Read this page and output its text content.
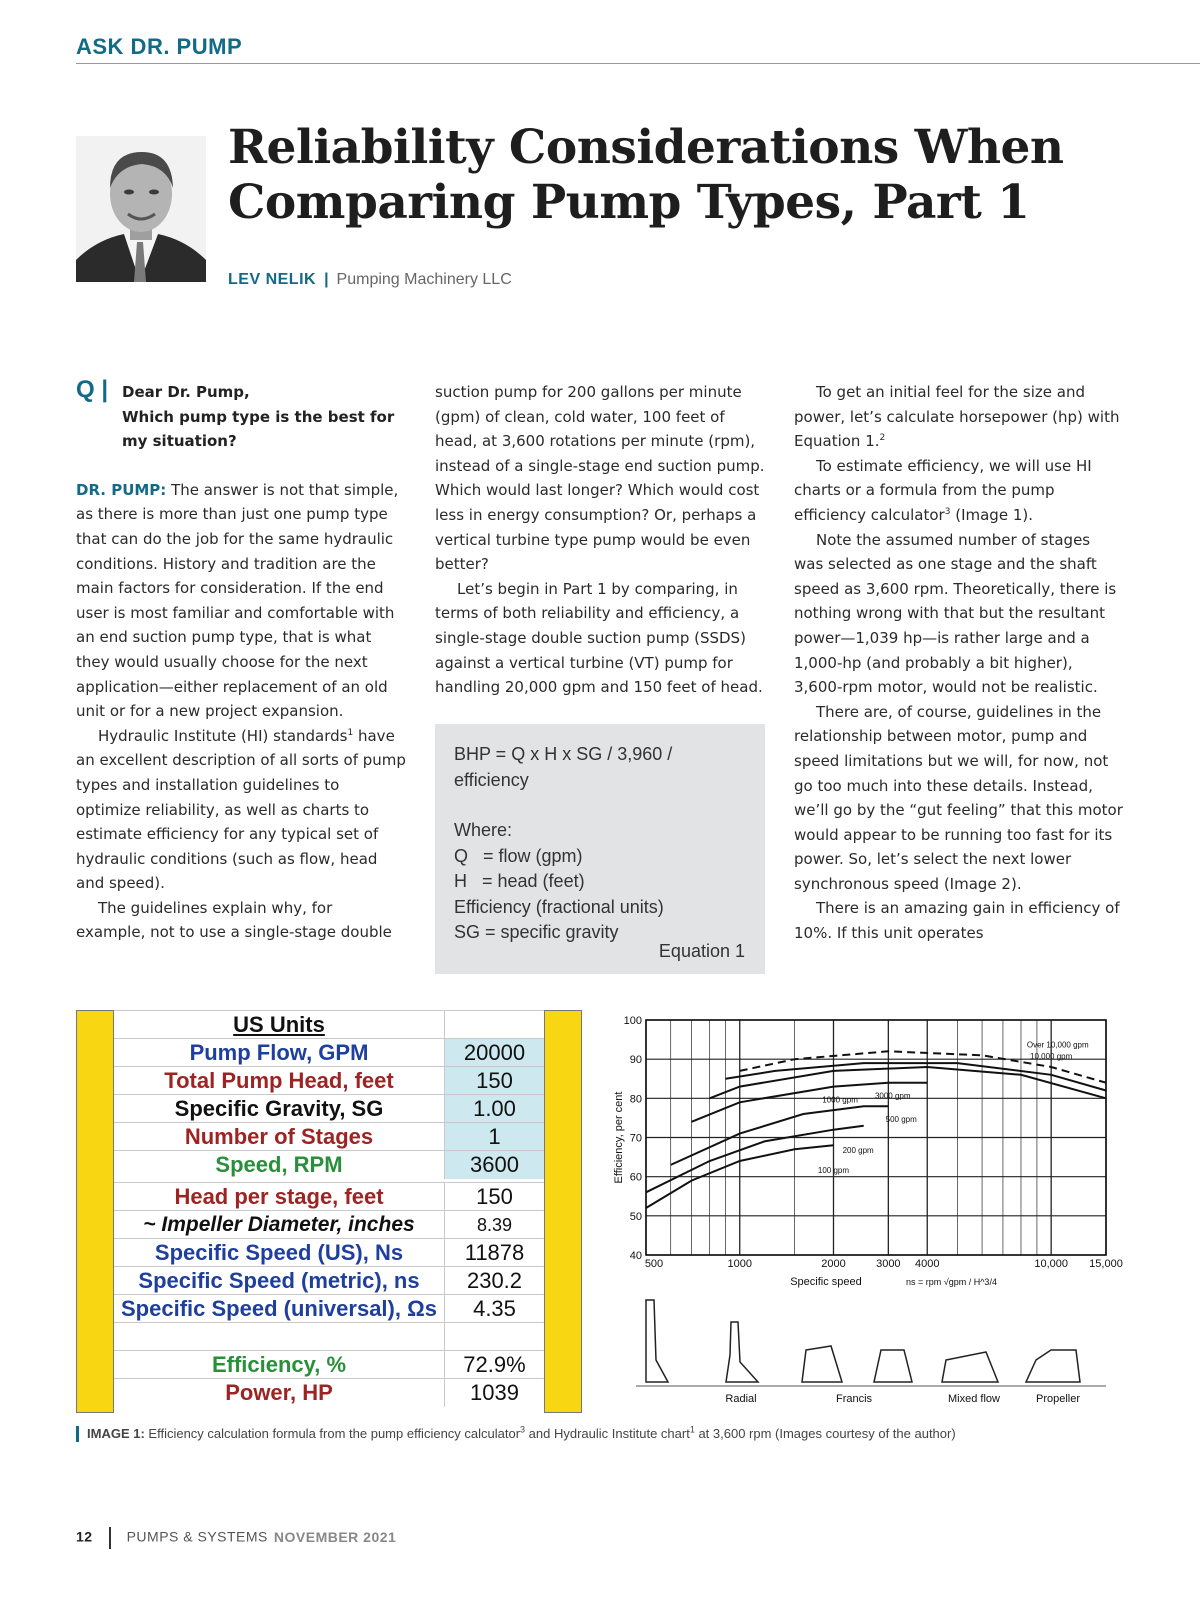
ASK DR. PUMP
Reliability Considerations When
Comparing Pump Types, Part 1
LEV NELIK | Pumping Machinery LLC
Q | Dear Dr. Pump,
Which pump type is the best for my situation?

DR. PUMP: The answer is not that simple, as there is more than just one pump type that can do the job for the same hydraulic conditions. History and tradition are the main factors for consideration. If the end user is most familiar and comfortable with an end suction pump type, that is what they would usually choose for the next application—either replacement of an old unit or for a new project expansion.

Hydraulic Institute (HI) standards$^1$ have an excellent description of all sorts of pump types and installation guidelines to optimize reliability, as well as charts to estimate efficiency for any typical set of hydraulic conditions (such as flow, head and speed).

The guidelines explain why, for example, not to use a single-stage double

suction pump for 200 gallons per minute (gpm) of clean, cold water, 100 feet of head, at 3,600 rotations per minute (rpm), instead of a single-stage end suction pump. Which would last longer? Which would cost less in energy consumption? Or, perhaps a vertical turbine type pump would be even better?

Let’s begin in Part 1 by comparing, in terms of both reliability and efficiency, a single-stage double suction pump (SSDS) against a vertical turbine (VT) pump for handling 20,000 gpm and 150 feet of head.

BHP = Q x H x SG / 3,960 / efficiency
Where:
Q   = flow (gpm)
H   = head (feet)
Efficiency (fractional units)
SG = specific gravity
Equation 1

To get an initial feel for the size and power, let’s calculate horsepower (hp) with Equation 1.$^2$

To estimate efficiency, we will use HI charts or a formula from the pump efficiency calculator$^3$ (Image 1).

Note the assumed number of stages was selected as one stage and the shaft speed as 3,600 rpm. Theoretically, there is nothing wrong with that but the resultant power—1,039 hp—is rather large and a 1,000-hp (and probably a bit higher), 3,600-rpm motor, would not be realistic.

There are, of course, guidelines in the relationship between motor, pump and speed limitations but we will, for now, not go too much into these details. Instead, we’ll go by the “gut feeling” that this motor would appear to be running too fast for its power. So, let’s select the next lower synchronous speed (Image 2).

There is an amazing gain in efficiency of 10%. If this unit operates

US Units
Pump Flow, GPM	20000
Total Pump Head, feet	150
Specific Gravity, SG	1.00
Number of Stages	1
Speed, RPM	3600
Head per stage, feet	150
~ Impeller Diameter, inches	8.39
Specific Speed (US), Ns	11878
Specific Speed (metric), ns	230.2
Specific Speed (universal), Ωs	4.35
Efficiency, %	72.9%
Power, HP	1039
40
50
60
70
80
90
100
500	1000	2000	3000 4000	10,000 15,000
Efficiency, per cent
Specific speed	ns = rpm √gpm / H^3/4
100 gpm
200 gpm
500 gpm
1000 gpm 3000 gpm
10,000 gpm
Over 10,000 gpm
Radial	Francis	Mixed flow	Propeller
IMAGE 1: Efficiency calculation formula from the pump efficiency calculator$^3$ and Hydraulic Institute chart$^1$ at 3,600 rpm (Images courtesy of the author)
12 PUMPS & SYSTEMS NOVEMBER 2021
